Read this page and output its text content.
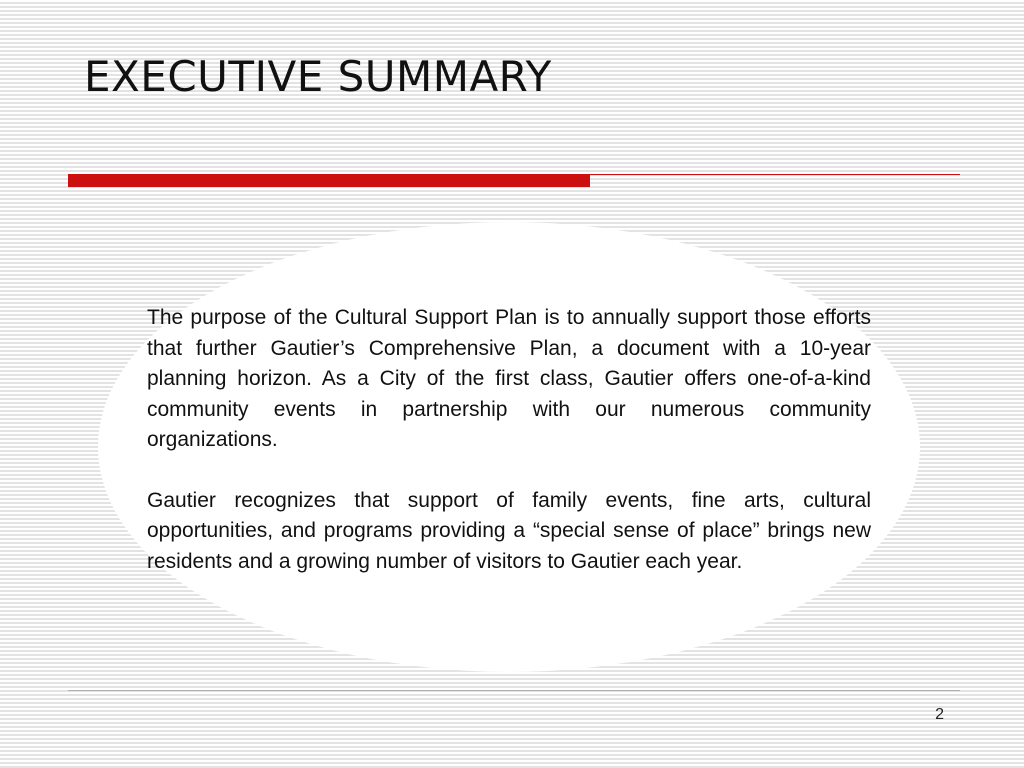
EXECUTIVE SUMMARY

The purpose of the Cultural Support Plan is to annually support those efforts that further Gautier’s Comprehensive Plan, a document with a 10-year planning horizon. As a City of the first class, Gautier offers one-of-a-kind community events in partnership with our numerous community organizations.

Gautier recognizes that support of family events, fine arts, cultural opportunities, and programs providing a “special sense of place” brings new residents and a growing number of visitors to Gautier each year.

2
